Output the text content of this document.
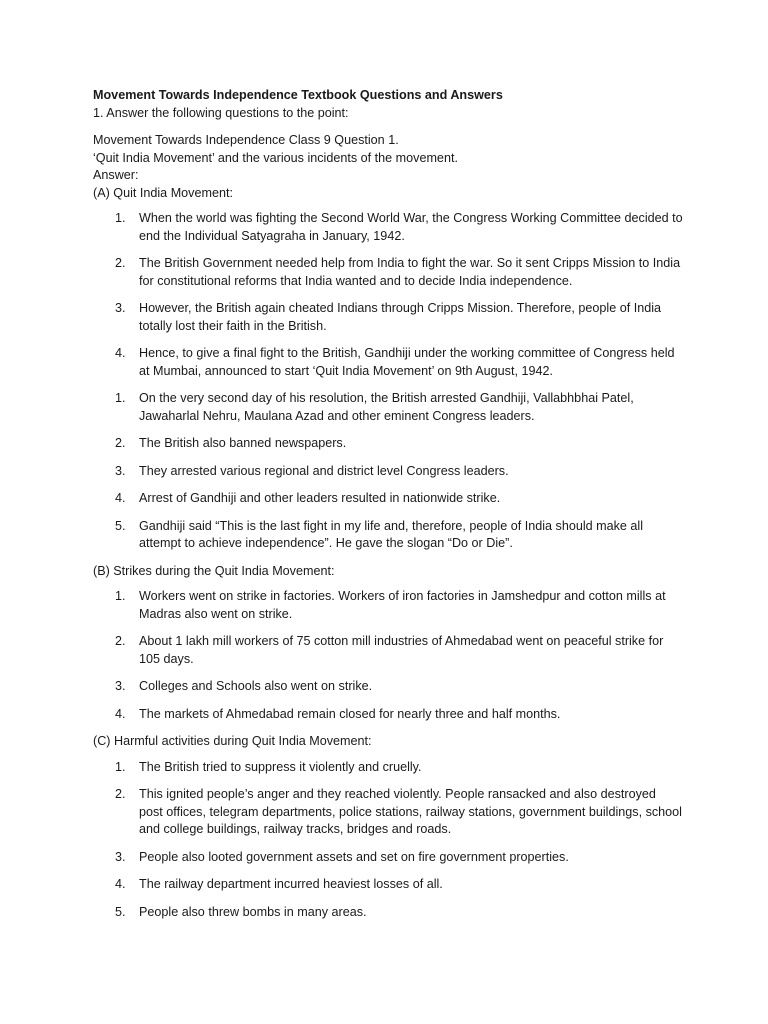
Movement Towards Independence Textbook Questions and Answers
1. Answer the following questions to the point:
Movement Towards Independence Class 9 Question 1.
‘Quit India Movement’ and the various incidents of the movement.
Answer:
(A) Quit India Movement:
1. When the world was fighting the Second World War, the Congress Working Committee decided to end the Individual Satyagraha in January, 1942.
2. The British Government needed help from India to fight the war. So it sent Cripps Mission to India for constitutional reforms that India wanted and to decide India independence.
3. However, the British again cheated Indians through Cripps Mission. Therefore, people of India totally lost their faith in the British.
4. Hence, to give a final fight to the British, Gandhiji under the working committee of Congress held at Mumbai, announced to start ‘Quit India Movement’ on 9th August, 1942.
1. On the very second day of his resolution, the British arrested Gandhiji, Vallabhbhai Patel, Jawaharlal Nehru, Maulana Azad and other eminent Congress leaders.
2. The British also banned newspapers.
3. They arrested various regional and district level Congress leaders.
4. Arrest of Gandhiji and other leaders resulted in nationwide strike.
5. Gandhiji said “This is the last fight in my life and, therefore, people of India should make all attempt to achieve independence”. He gave the slogan “Do or Die”.
(B) Strikes during the Quit India Movement:
1. Workers went on strike in factories. Workers of iron factories in Jamshedpur and cotton mills at Madras also went on strike.
2. About 1 lakh mill workers of 75 cotton mill industries of Ahmedabad went on peaceful strike for 105 days.
3. Colleges and Schools also went on strike.
4. The markets of Ahmedabad remain closed for nearly three and half months.
(C) Harmful activities during Quit India Movement:
1. The British tried to suppress it violently and cruelly.
2. This ignited people’s anger and they reached violently. People ransacked and also destroyed post offices, telegram departments, police stations, railway stations, government buildings, school and college buildings, railway tracks, bridges and roads.
3. People also looted government assets and set on fire government properties.
4. The railway department incurred heaviest losses of all.
5. People also threw bombs in many areas.
